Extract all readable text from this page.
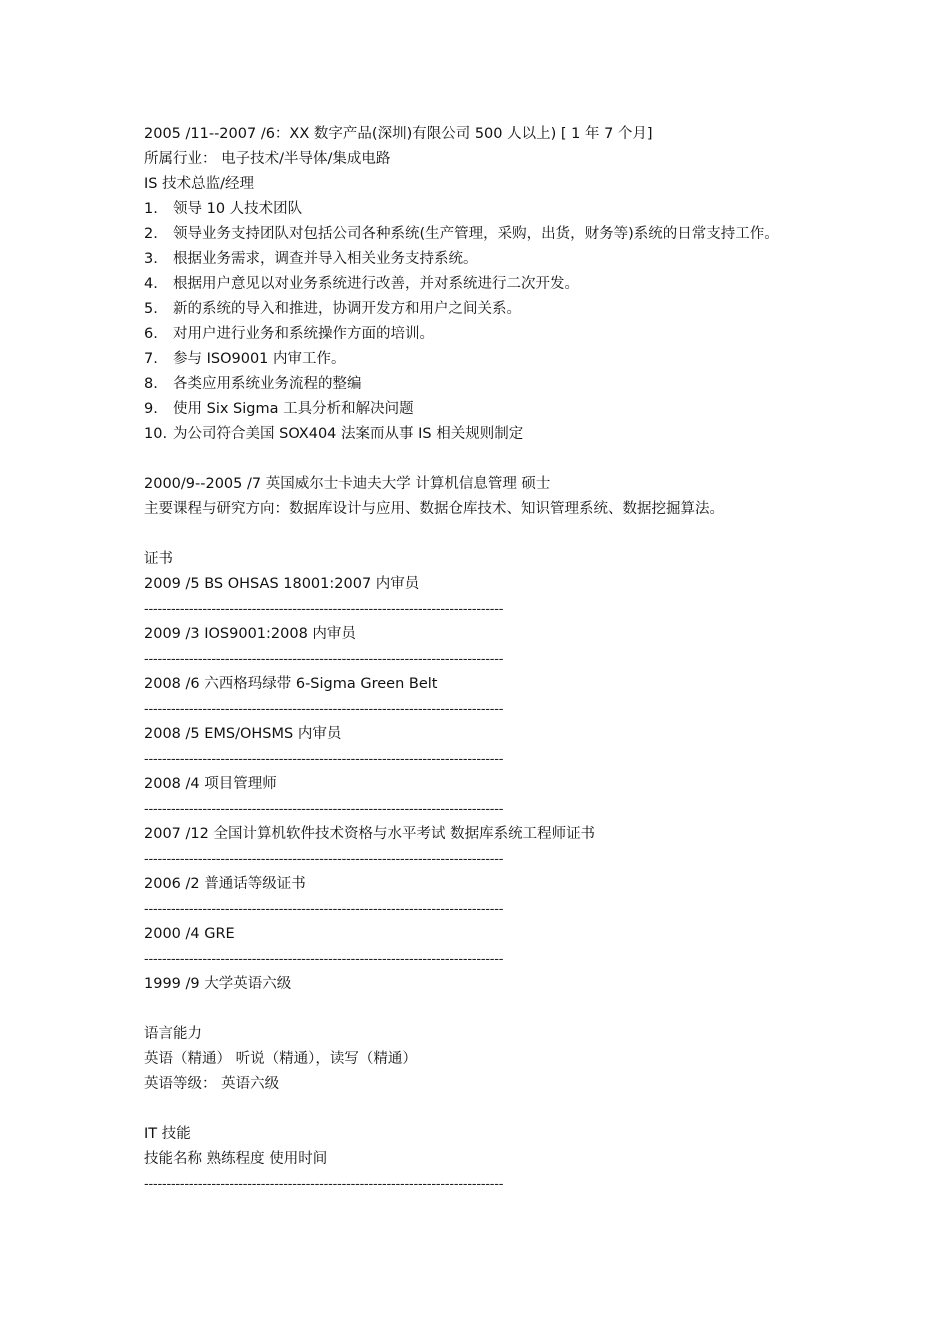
2005 /11--2007 /6：XX 数字产品(深圳)有限公司 500 人以上) [ 1 年 7 个月]
所属行业： 电子技术/半导体/集成电路
IS 技术总监/经理
1. 领导 10 人技术团队
2. 领导业务支持团队对包括公司各种系统(生产管理，采购，出货，财务等)系统的日常支持工作。
3. 根据业务需求，调查并导入相关业务支持系统。
4. 根据用户意见以对业务系统进行改善，并对系统进行二次开发。
5. 新的系统的导入和推进，协调开发方和用户之间关系。
6. 对用户进行业务和系统操作方面的培训。
7. 参与 ISO9001 内审工作。
8. 各类应用系统业务流程的整编
9. 使用 Six Sigma 工具分析和解决问题
10. 为公司符合美国 SOX404 法案而从事 IS 相关规则制定
2000/9--2005 /7 英国威尔士卡迪夫大学 计算机信息管理 硕士
主要课程与研究方向：数据库设计与应用、数据仓库技术、知识管理系统、数据挖掘算法。
证书
2009 /5 BS OHSAS 18001:2007 内审员
--------------------------------------------------------------------------------
2009 /3 IOS9001:2008 内审员
--------------------------------------------------------------------------------
2008 /6 六西格玛绿带 6-Sigma Green Belt
--------------------------------------------------------------------------------
2008 /5 EMS/OHSMS 内审员
--------------------------------------------------------------------------------
2008 /4 项目管理师
--------------------------------------------------------------------------------
2007 /12 全国计算机软件技术资格与水平考试 数据库系统工程师证书
--------------------------------------------------------------------------------
2006 /2 普通话等级证书
--------------------------------------------------------------------------------
2000 /4 GRE
--------------------------------------------------------------------------------
1999 /9 大学英语六级
语言能力
英语（精通） 听说（精通），读写（精通）
英语等级： 英语六级
IT 技能
技能名称 熟练程度 使用时间
--------------------------------------------------------------------------------
